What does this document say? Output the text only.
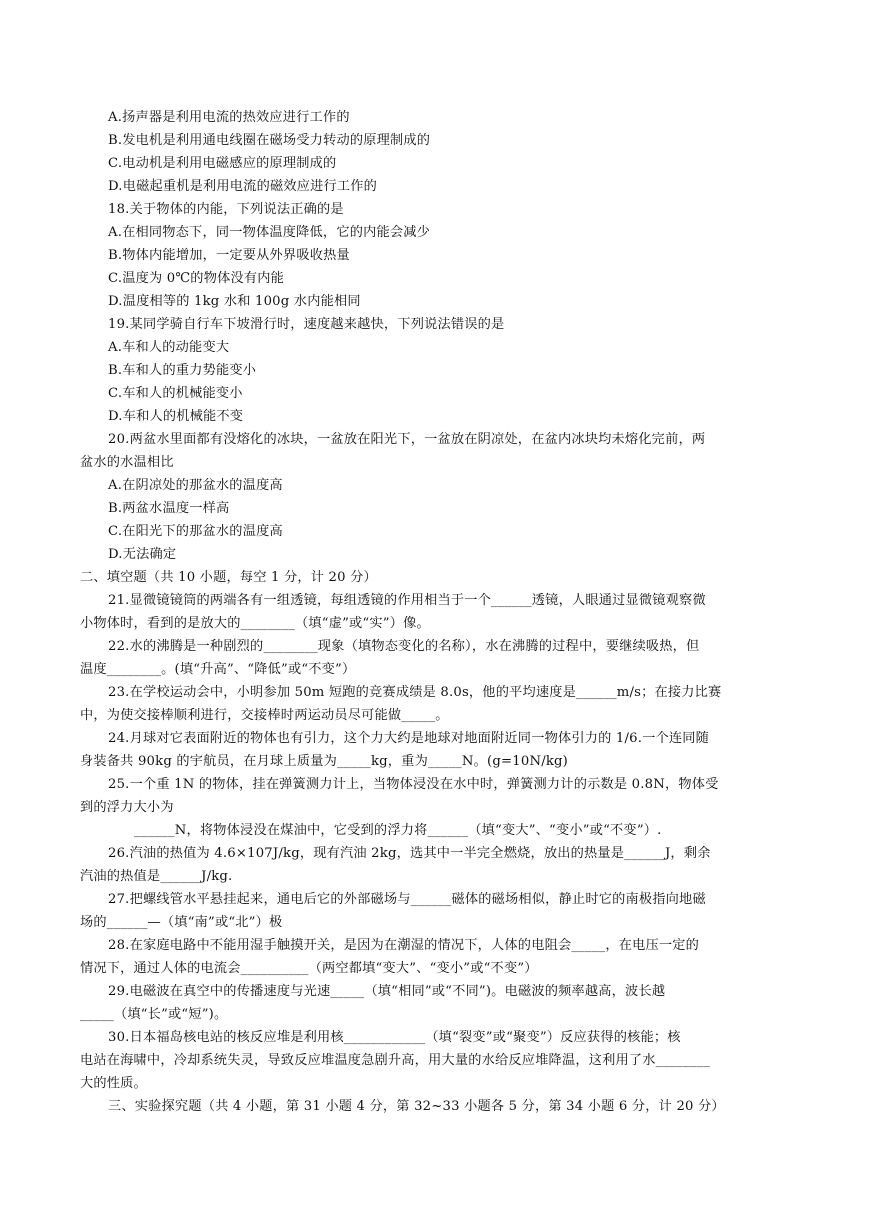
A.扬声器是利用电流的热效应进行工作的
B.发电机是利用通电线圈在磁场受力转动的原理制成的
C.电动机是利用电磁感应的原理制成的
D.电磁起重机是利用电流的磁效应进行工作的
18.关于物体的内能，下列说法正确的是
A.在相同物态下，同一物体温度降低，它的内能会减少
B.物体内能增加，一定要从外界吸收热量
C.温度为 0℃的物体没有内能
D.温度相等的 1kg 水和 100g 水内能相同
19.某同学骑自行车下坡滑行时，速度越来越快，下列说法错误的是
A.车和人的动能变大
B.车和人的重力势能变小
C.车和人的机械能变小
D.车和人的机械能不变
20.两盆水里面都有没熔化的冰块，一盆放在阳光下，一盆放在阴凉处，在盆内冰块均未熔化完前，两
盆水的水温相比
A.在阴凉处的那盆水的温度高
B.两盆水温度一样高
C.在阳光下的那盆水的温度高
D.无法确定
二、填空题（共 10 小题，每空 1 分，计 20 分）
21.显微镜镜筒的两端各有一组透镜，每组透镜的作用相当于一个______透镜，人眼通过显微镜观察微
小物体时，看到的是放大的________（填“虚”或“实”）像。
22.水的沸腾是一种剧烈的________现象（填物态变化的名称），水在沸腾的过程中，要继续吸热，但
温度________。(填“升高”、“降低”或“不变”）
23.在学校运动会中，小明参加 50m 短跑的竞赛成绩是 8.0s，他的平均速度是______m/s；在接力比赛
中，为使交接棒顺利进行，交接棒时两运动员尽可能做_____。
24.月球对它表面附近的物体也有引力，这个力大约是地球对地面附近同一物体引力的 1/6.一个连同随
身装备共 90kg 的宇航员，在月球上质量为_____kg，重为_____N。(g=10N/kg)
25.一个重 1N 的物体，挂在弹簧测力计上，当物体浸没在水中时，弹簧测力计的示数是 0.8N，物体受
到的浮力大小为
______N，将物体浸没在煤油中，它受到的浮力将______（填“变大”、“变小”或“不变”）.
26.汽油的热值为 4.6×107J/kg，现有汽油 2kg，选其中一半完全燃烧，放出的热量是______J，剩余
汽油的热值是______J/kg.
27.把螺线管水平悬挂起来，通电后它的外部磁场与______磁体的磁场相似，静止时它的南极指向地磁
场的______—（填“南”或“北”）极
28.在家庭电路中不能用湿手触摸开关，是因为在潮湿的情况下，人体的电阻会_____，在电压一定的
情况下，通过人体的电流会__________（两空都填“变大”、“变小”或“不变”）
29.电磁波在真空中的传播速度与光速_____（填“相同”或“不同”)。电磁波的频率越高，波长越
_____（填“长”或“短”)。
30.日本福岛核电站的核反应堆是利用核____________（填“裂变”或“聚变”）反应获得的核能；核
电站在海啸中，冷却系统失灵，导致反应堆温度急剧升高，用大量的水给反应堆降温，这利用了水________
大的性质。
三、实验探究题（共 4 小题，第 31 小题 4 分，第 32~33 小题各 5 分，第 34 小题 6 分，计 20 分）
